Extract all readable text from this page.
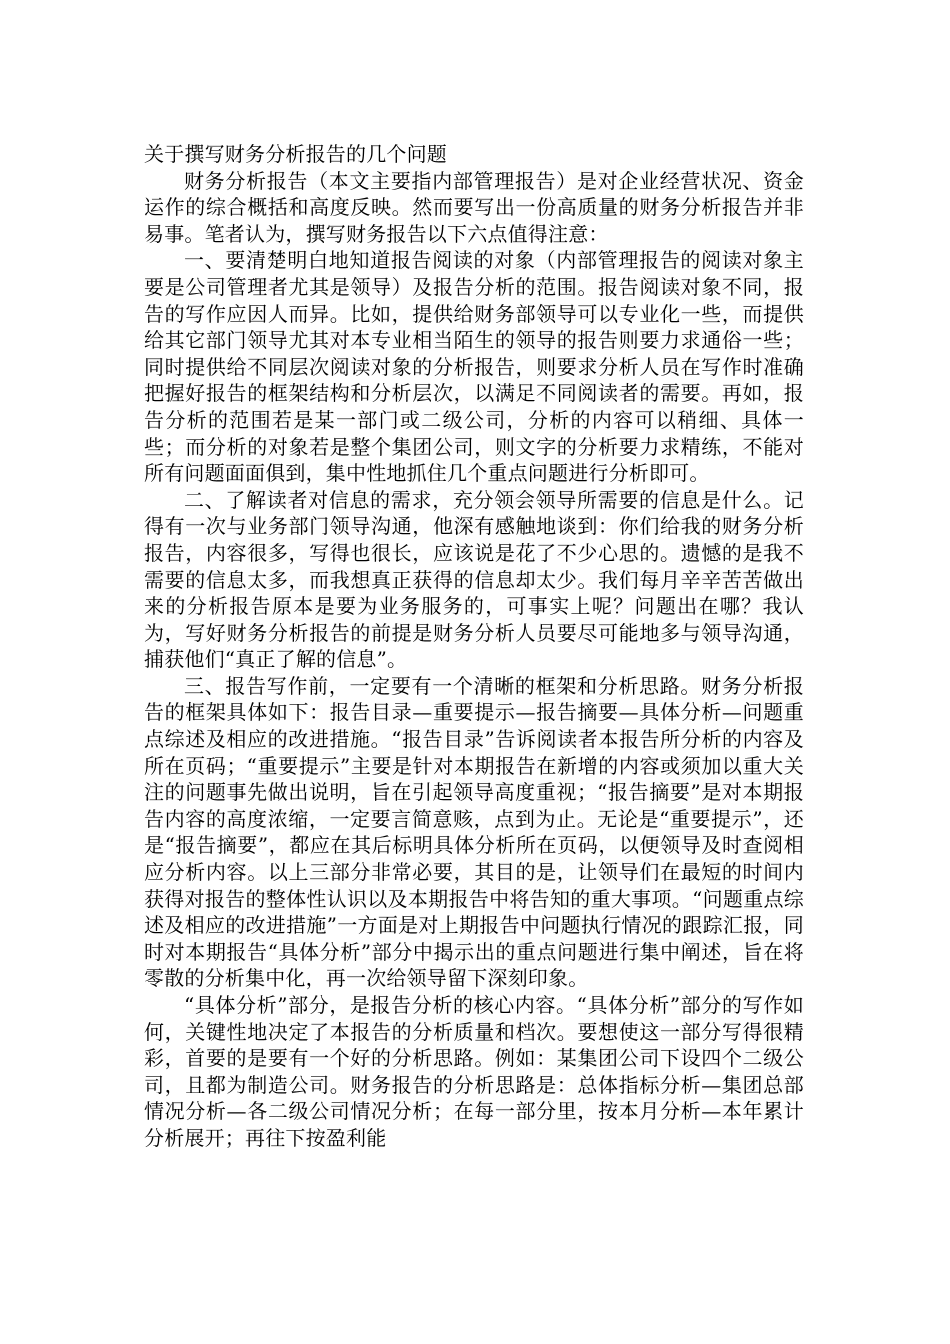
关于撰写财务分析报告的几个问题

财务分析报告（本文主要指内部管理报告）是对企业经营状况、资金运作的综合概括和高度反映。然而要写出一份高质量的财务分析报告并非易事。笔者认为，撰写财务报告以下六点值得注意：

一、要清楚明白地知道报告阅读的对象（内部管理报告的阅读对象主要是公司管理者尤其是领导）及报告分析的范围。报告阅读对象不同，报告的写作应因人而异。比如，提供给财务部领导可以专业化一些，而提供给其它部门领导尤其对本专业相当陌生的领导的报告则要力求通俗一些；同时提供给不同层次阅读对象的分析报告，则要求分析人员在写作时准确把握好报告的框架结构和分析层次，以满足不同阅读者的需要。再如，报告分析的范围若是某一部门或二级公司，分析的内容可以稍细、具体一些；而分析的对象若是整个集团公司，则文字的分析要力求精练，不能对所有问题面面俱到，集中性地抓住几个重点问题进行分析即可。

二、了解读者对信息的需求，充分领会领导所需要的信息是什么。记得有一次与业务部门领导沟通，他深有感触地谈到：你们给我的财务分析报告，内容很多，写得也很长，应该说是花了不少心思的。遗憾的是我不需要的信息太多，而我想真正获得的信息却太少。我们每月辛辛苦苦做出来的分析报告原本是要为业务服务的，可事实上呢？问题出在哪？我认为，写好财务分析报告的前提是财务分析人员要尽可能地多与领导沟通，捕获他们“真正了解的信息”。

三、报告写作前，一定要有一个清晰的框架和分析思路。财务分析报告的框架具体如下：报告目录—重要提示—报告摘要—具体分析—问题重点综述及相应的改进措施。“报告目录”告诉阅读者本报告所分析的内容及所在页码；“重要提示”主要是针对本期报告在新增的内容或须加以重大关注的问题事先做出说明，旨在引起领导高度重视；“报告摘要”是对本期报告内容的高度浓缩，一定要言简意赅，点到为止。无论是“重要提示”，还是“报告摘要”，都应在其后标明具体分析所在页码，以便领导及时查阅相应分析内容。以上三部分非常必要，其目的是，让领导们在最短的时间内获得对报告的整体性认识以及本期报告中将告知的重大事项。“问题重点综述及相应的改进措施”一方面是对上期报告中问题执行情况的跟踪汇报，同时对本期报告“具体分析”部分中揭示出的重点问题进行集中阐述，旨在将零散的分析集中化，再一次给领导留下深刻印象。

“具体分析”部分，是报告分析的核心内容。“具体分析”部分的写作如何，关键性地决定了本报告的分析质量和档次。要想使这一部分写得很精彩，首要的是要有一个好的分析思路。例如：某集团公司下设四个二级公司，且都为制造公司。财务报告的分析思路是：总体指标分析—集团总部情况分析—各二级公司情况分析；在每一部分里，按本月分析—本年累计分析展开；再往下按盈利能
